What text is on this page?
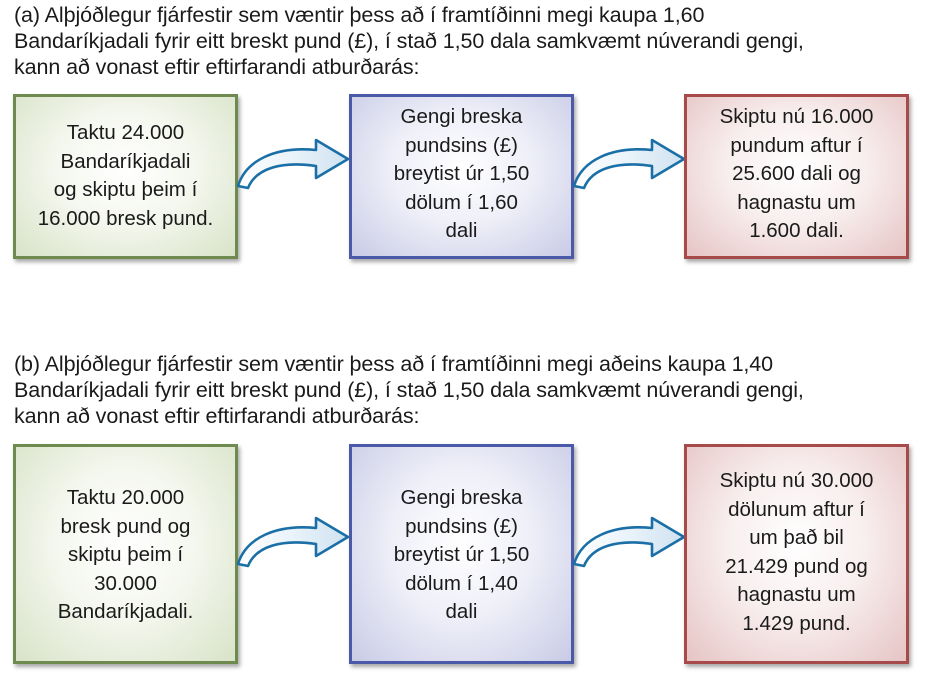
(a) Alþjóðlegur fjárfestir sem væntir þess að í framtíðinni megi kaupa 1,60
Bandaríkjadali fyrir eitt breskt pund (£), í stað 1,50 dala samkvæmt núverandi gengi,
kann að vonast eftir eftirfarandi atburðarás:

Taktu 24.000
Bandaríkjadali
og skiptu þeim í
16.000 bresk pund.
Gengi breska
pundsins (£)
breytist úr 1,50
dölum í 1,60
dali
Skiptu nú 16.000
pundum aftur í
25.600 dali og
hagnastu um
1.600 dali.

(b) Alþjóðlegur fjárfestir sem væntir þess að í framtíðinni megi aðeins kaupa 1,40
Bandaríkjadali fyrir eitt breskt pund (£), í stað 1,50 dala samkvæmt núverandi gengi,
kann að vonast eftir eftirfarandi atburðarás:

Taktu 20.000
bresk pund og
skiptu þeim í
30.000
Bandaríkjadali.
Gengi breska
pundsins (£)
breytist úr 1,50
dölum í 1,40
dali
Skiptu nú 30.000
dölunum aftur í
um það bil
21.429 pund og
hagnastu um
1.429 pund.
